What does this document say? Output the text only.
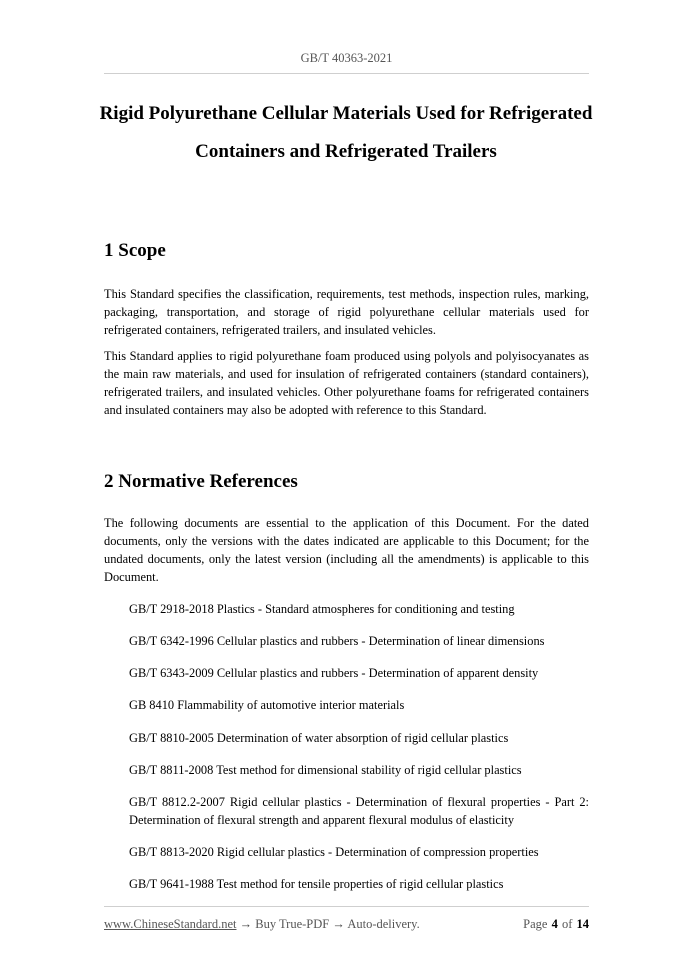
GB/T 40363-2021
Rigid Polyurethane Cellular Materials Used for Refrigerated
Containers and Refrigerated Trailers
1 Scope

This Standard specifies the classification, requirements, test methods, inspection rules, marking, packaging, transportation, and storage of rigid polyurethane cellular materials used for refrigerated containers, refrigerated trailers, and insulated vehicles.

This Standard applies to rigid polyurethane foam produced using polyols and polyisocyanates as the main raw materials, and used for insulation of refrigerated containers (standard containers), refrigerated trailers, and insulated vehicles. Other polyurethane foams for refrigerated containers and insulated containers may also be adopted with reference to this Standard.

2 Normative References

The following documents are essential to the application of this Document. For the dated documents, only the versions with the dates indicated are applicable to this Document; for the undated documents, only the latest version (including all the amendments) is applicable to this Document.

GB/T 2918-2018 Plastics - Standard atmospheres for conditioning and testing

GB/T 6342-1996 Cellular plastics and rubbers - Determination of linear dimensions

GB/T 6343-2009 Cellular plastics and rubbers - Determination of apparent density

GB 8410 Flammability of automotive interior materials

GB/T 8810-2005 Determination of water absorption of rigid cellular plastics

GB/T 8811-2008 Test method for dimensional stability of rigid cellular plastics

GB/T 8812.2-2007 Rigid cellular plastics - Determination of flexural properties - Part 2: Determination of flexural strength and apparent flexural modulus of elasticity

GB/T 8813-2020 Rigid cellular plastics - Determination of compression properties

GB/T 9641-1988 Test method for tensile properties of rigid cellular plastics

www.ChineseStandard.net → Buy True-PDF → Auto-delivery.	Page 4 of 14
